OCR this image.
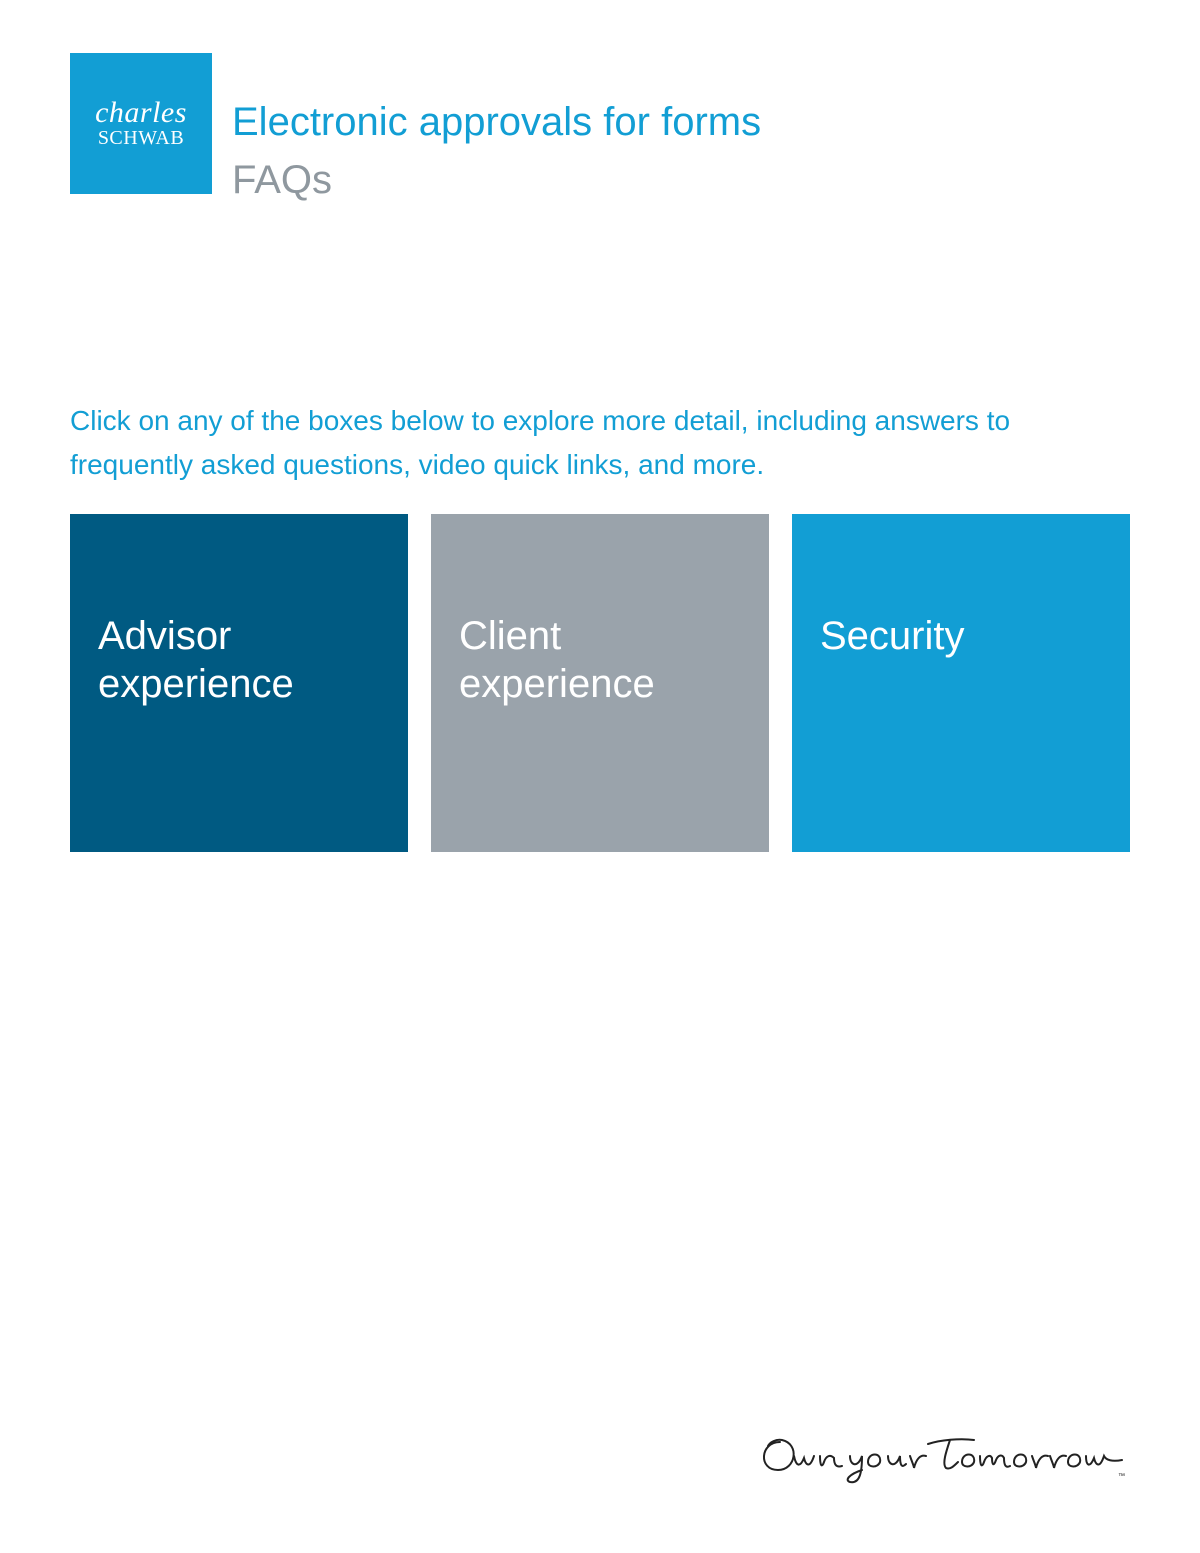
charles
SCHWAB Electronic approvals for forms
FAQs

Click on any of the boxes below to explore more detail, including answers to frequently asked questions, video quick links, and more.

Advisor
experience
Client
experience
Security
™
